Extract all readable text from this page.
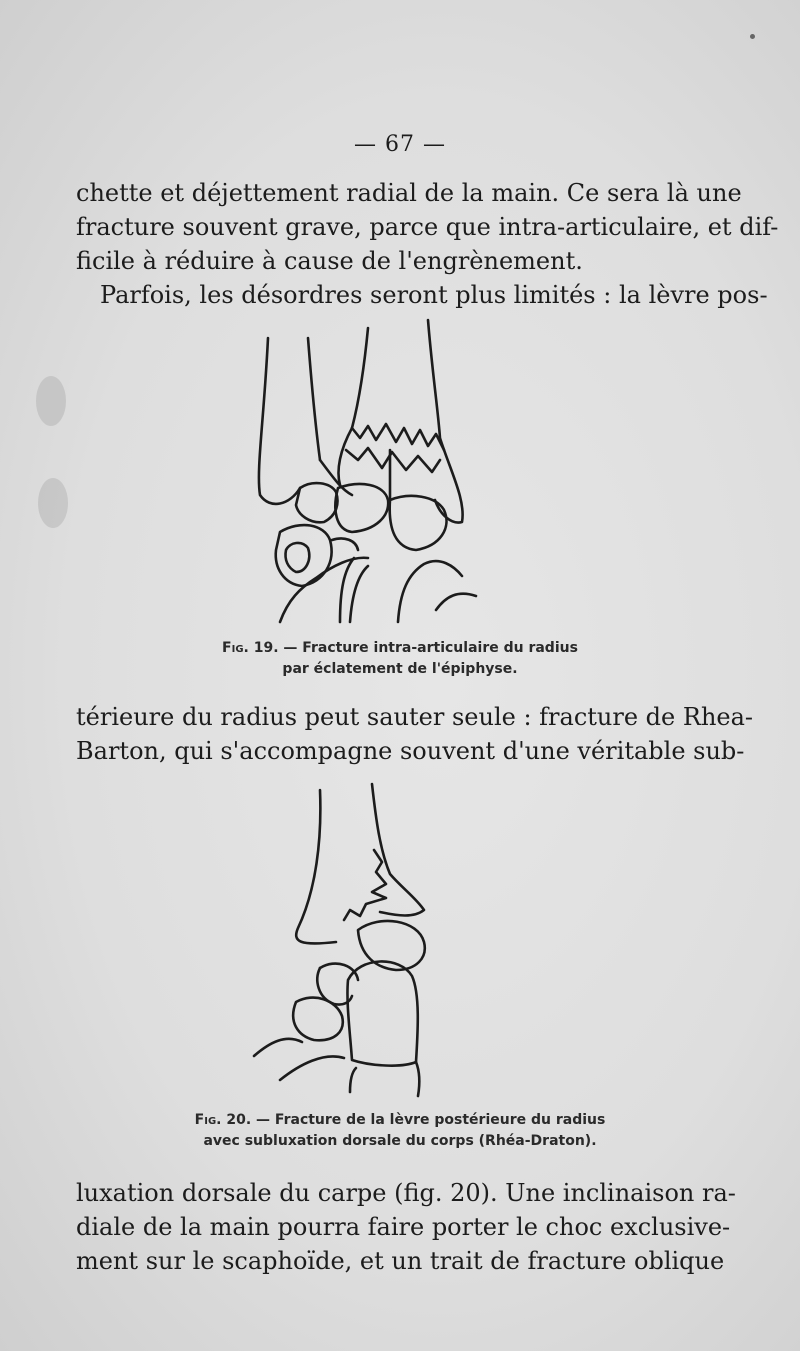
— 67 —
chette et déjettement radial de la main. Ce sera là une
fracture souvent grave, parce que intra-articulaire, et dif-
ficile à réduire à cause de l'engrènement.
Parfois, les désordres seront plus limités : la lèvre pos-
Fig. 19. — Fracture intra-articulaire du radius
par éclatement de l'épiphyse.
térieure du radius peut sauter seule : fracture de Rhea-
Barton, qui s'accompagne souvent d'une véritable sub-
Fig. 20. — Fracture de la lèvre postérieure du radius
avec subluxation dorsale du corps (Rhéa-Draton).
luxation dorsale du carpe (fig. 20). Une inclinaison ra-
diale de la main pourra faire porter le choc exclusive-
ment sur le scaphoïde, et un trait de fracture oblique
